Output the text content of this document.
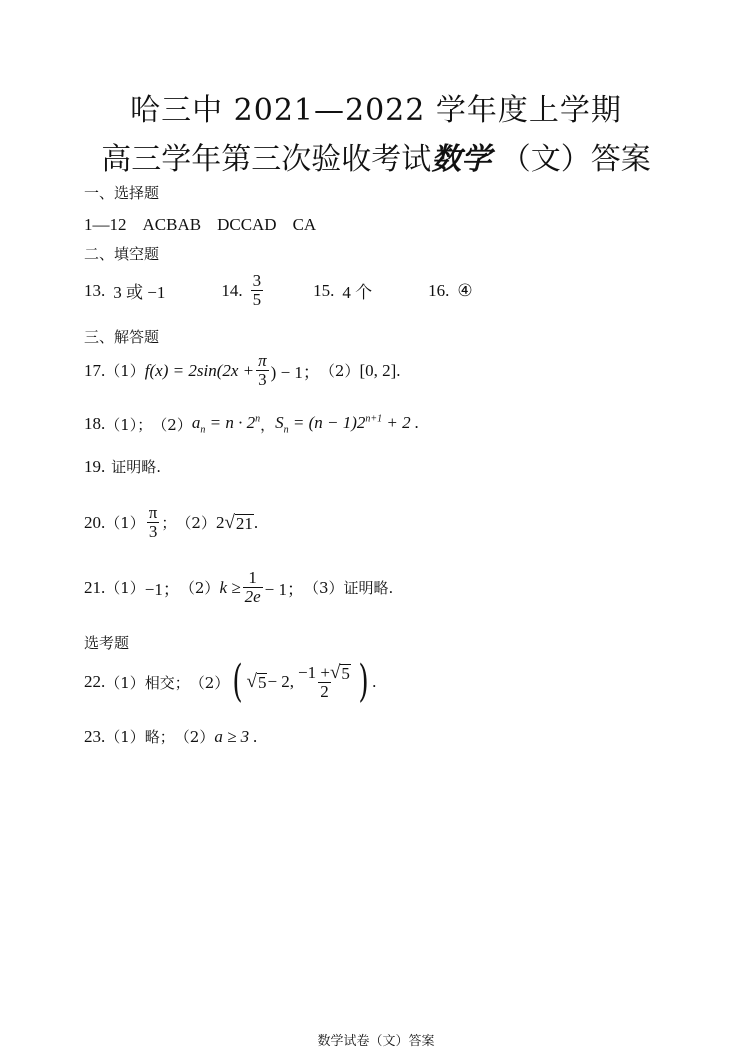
哈三中 2021—2022 学年度上学期
高三学年第三次验收考试数学 （文）答案
一、选择题
1—12 ACBAB DCCAD CA
二、填空题
13. 3 或 −1	14. $\frac{3}{5}$	15. 4 个	16. ④
三、解答题
17. （1） $f(x) = 2\sin(2x + \frac{\pi}{3}$ ) − 1； （2） [0, 2] .
18. （1）； （2） $a_n = n \cdot 2^n$ ， $S_n = (n - 1)2^{n+1} + 2$ .
19. 证明略.
20. $(1) \frac{\pi}{3}$ ； （2） 2 √ 21 .
21. （1） −1； （2） $k \ge \frac{1}{2e} - 1$； （3）证明略.
选考题
22. （1）相交； （2） ( √ 5 − 2, $\frac{-1 + √ 5}{2}$ ) .
23. （1）略； （2） a ≥ 3 .
数学试卷（文）答案
